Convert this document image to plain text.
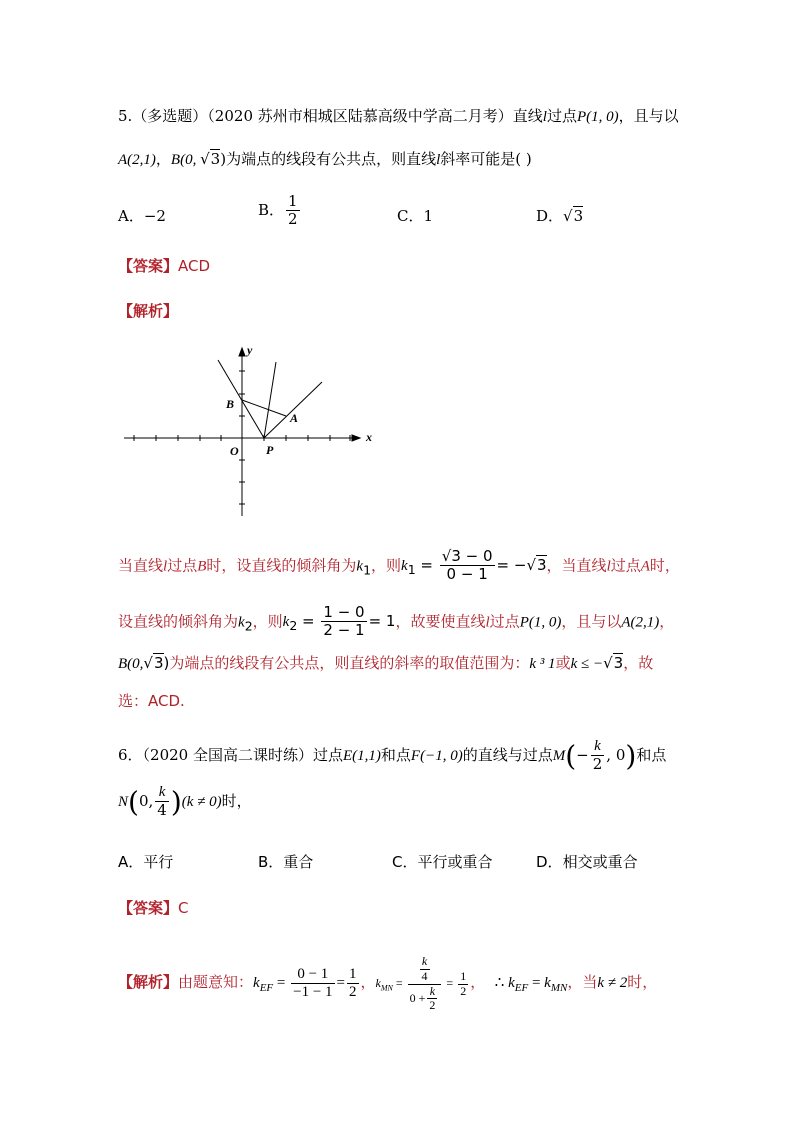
5.（多选题）（2020 苏州市相城区陆慕高级中学高二月考）直线l过点P(1, 0)，且与以
A(2,1)，B(0, √3)为端点的线段有公共点，则直线l斜率可能是( )
A．−2	B． $\frac{1}{2}$	C．1	D．√3
【答案】ACD
【解析】
y
x
O
B
A
P
当直线l过点B时，设直线的倾斜角为$k_1$，则$k_1 = \frac{√3 - 0}{0 - 1} = -√3$，当直线l过点A时，
设直线的倾斜角为$k_2$，则$k_2 = \frac{1 - 0}{2 - 1} = 1$，故要使直线l过点P(1, 0)，且与以A(2,1)，
B(0,√3)为端点的线段有公共点，则直线的斜率的取值范围为：k ³ 1或k ≤ −√3，故
选：ACD.
6．（2020 全国高二课时练）过点E(1,1)和点F(−1, 0)的直线与过点$M(- \frac{k}{2}$ , 0)和点
N(0, $\frac{k}{4} )(k \ne 0)$时，
A．平行	B．重合	C．平行或重合	D．相交或重合
【答案】C
【解析】由题意知：$k_{EF} = \frac{0 - 1}{-1 - 1} = \frac{1}{2}$ ，$k_{MN} = \frac{\frac{k}{4}}{0 + \frac{k}{2}} = \frac{1}{2}$ ， ∴ $k_{EF} = k_{MN}$，当k ≠ 2时，
